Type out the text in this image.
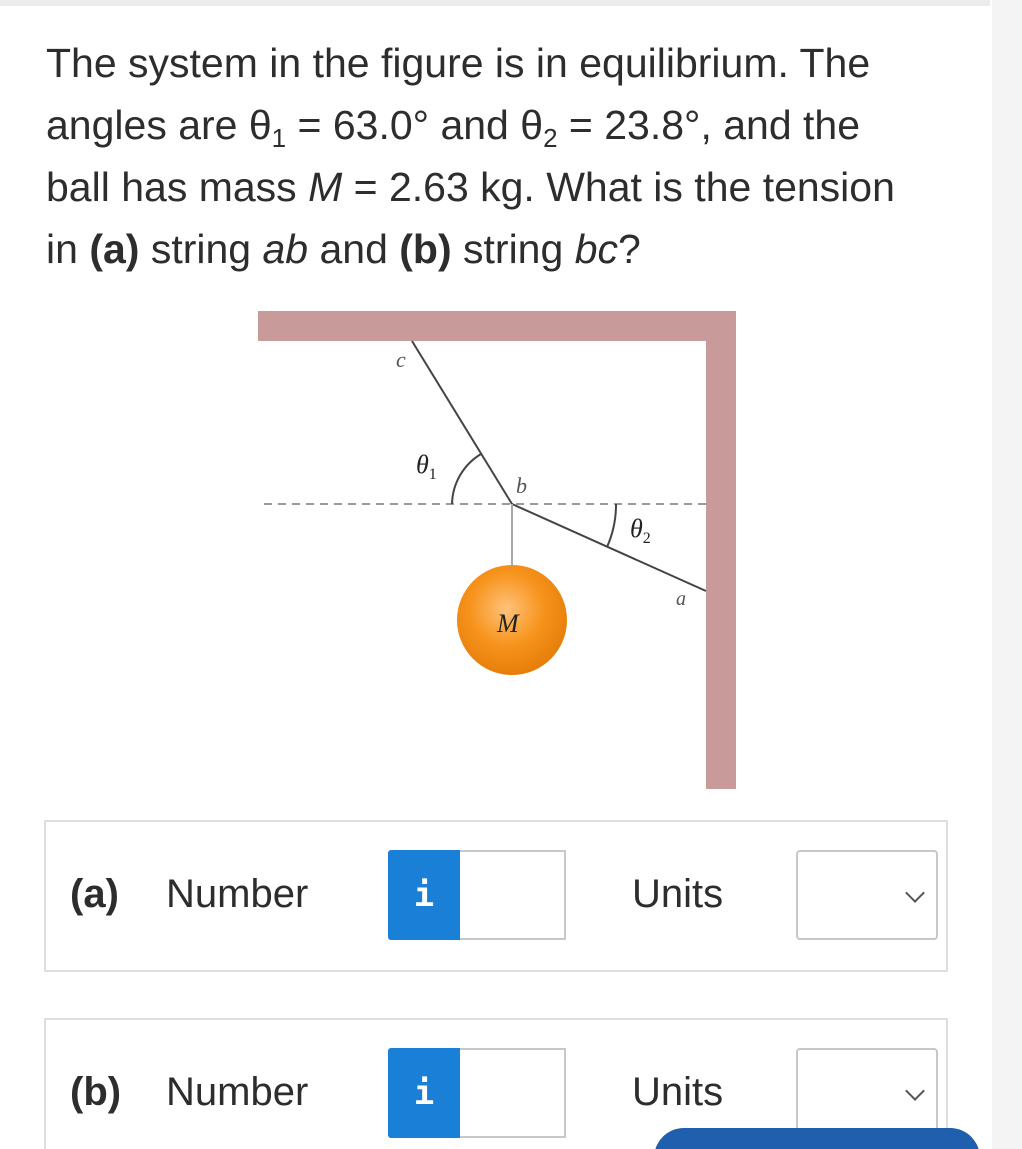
The system in the figure is in equilibrium. The
angles are $\theta_1 = 63.0^\circ$ and $\theta_2 = 23.8^\circ$, and the
ball has mass M = 2.63 kg. What is the tension
in (a) string ab and (b) string bc?
c
$\theta_1$	b
$\theta_2$
a
M
(a) Number	i	Units
(b) Number	i	Units
